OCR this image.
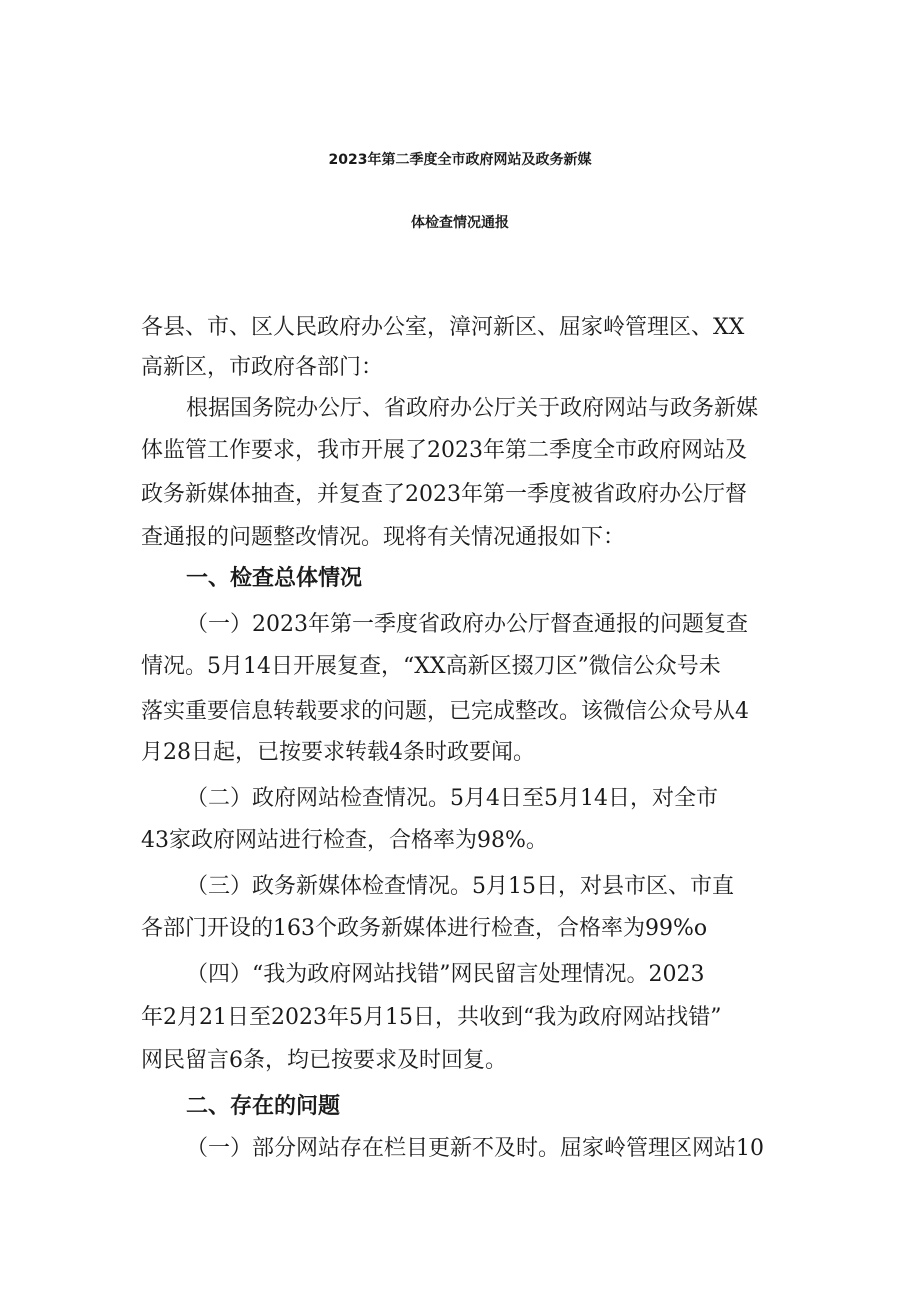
2023年第二季度全市政府网站及政务新媒
体检查情况通报
各县、市、区人民政府办公室，漳河新区、屈家岭管理区、XX
高新区，市政府各部门：
根据国务院办公厅、省政府办公厅关于政府网站与政务新媒
体监管工作要求，我市开展了2023年第二季度全市政府网站及
政务新媒体抽查，并复查了2023年第一季度被省政府办公厅督
查通报的问题整改情况。现将有关情况通报如下：
一、检查总体情况
（一）2023年第一季度省政府办公厅督查通报的问题复查
情况。5月14日开展复查，“XX高新区掇刀区”微信公众号未
落实重要信息转载要求的问题，已完成整改。该微信公众号从4
月28日起，已按要求转载4条时政要闻。
（二）政府网站检查情况。5月4日至5月14日，对全市
43家政府网站进行检查，合格率为98%。
（三）政务新媒体检查情况。5月15日，对县市区、市直
各部门开设的163个政务新媒体进行检查，合格率为99%o
（四）“我为政府网站找错”网民留言处理情况。2023
年2月21日至2023年5月15日，共收到“我为政府网站找错”
网民留言6条，均已按要求及时回复。
二、存在的问题
（一）部分网站存在栏目更新不及时。屈家岭管理区网站10
